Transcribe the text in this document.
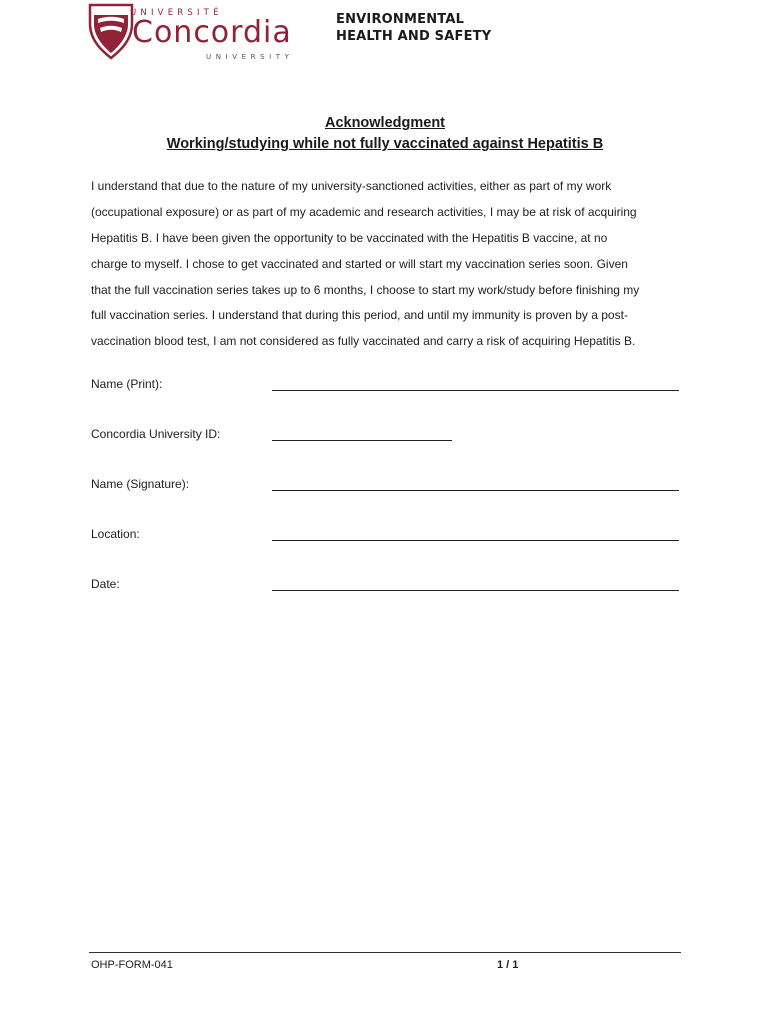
UNIVERSITÉ
Concordia
UNIVERSITY
ENVIRONMENTAL
HEALTH AND SAFETY
Acknowledgment
Working/studying while not fully vaccinated against Hepatitis B
I understand that due to the nature of my university-sanctioned activities, either as part of my work
(occupational exposure) or as part of my academic and research activities, I may be at risk of acquiring
Hepatitis B. I have been given the opportunity to be vaccinated with the Hepatitis B vaccine, at no
charge to myself. I chose to get vaccinated and started or will start my vaccination series soon. Given
that the full vaccination series takes up to 6 months, I choose to start my work/study before finishing my
full vaccination series. I understand that during this period, and until my immunity is proven by a post-
vaccination blood test, I am not considered as fully vaccinated and carry a risk of acquiring Hepatitis B.
Name (Print):
Concordia University ID:
Name (Signature):
Location:
Date:
OHP-FORM-041	1 / 1
